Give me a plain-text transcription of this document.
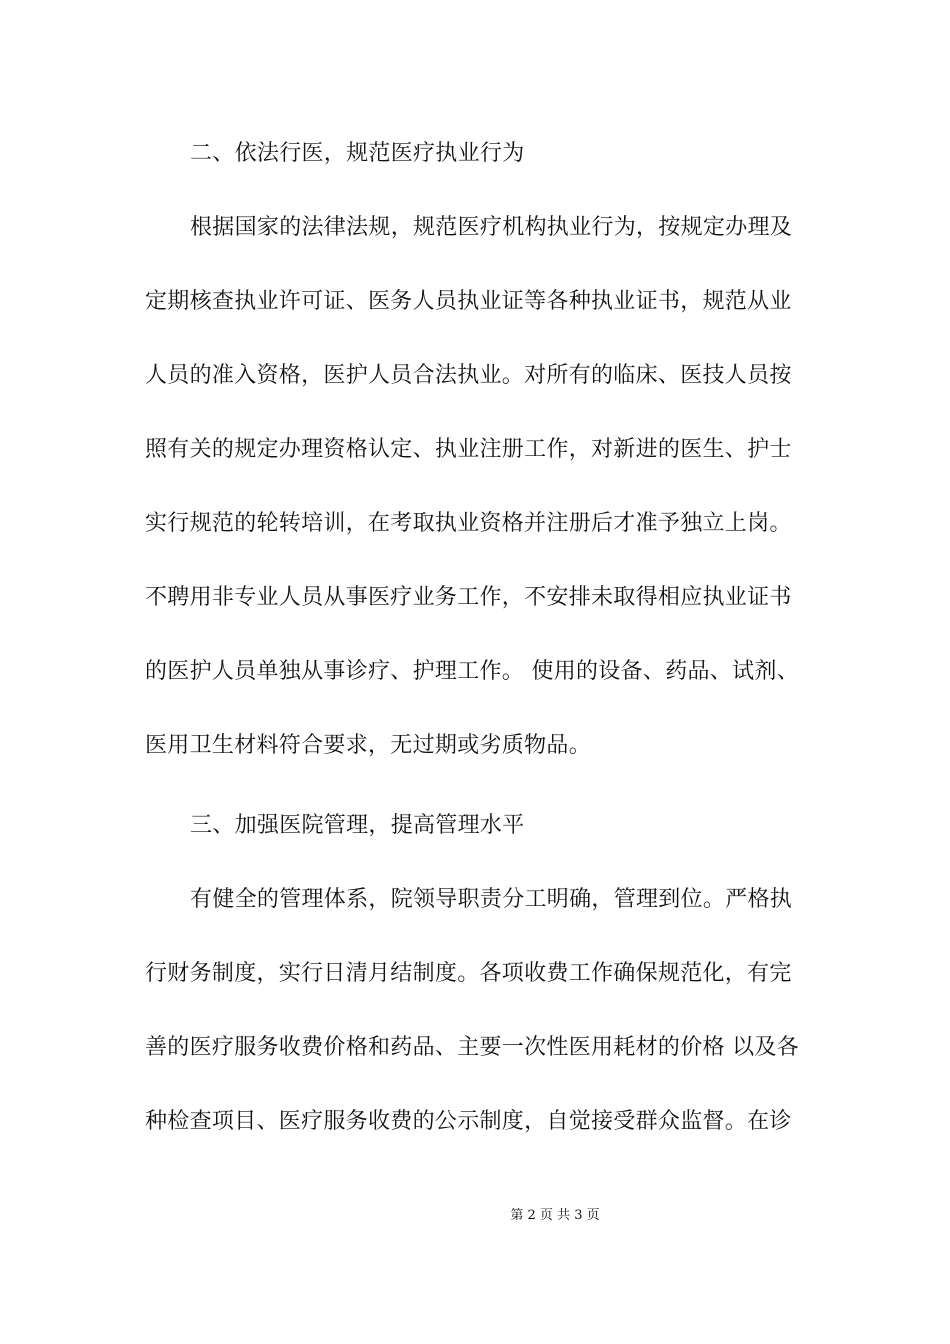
二、依法行医，规范医疗执业行为
根据国家的法律法规，规范医疗机构执业行为，按规定办理及
定期核查执业许可证、医务人员执业证等各种执业证书，规范从业
人员的准入资格，医护人员合法执业。对所有的临床、医技人员按
照有关的规定办理资格认定、执业注册工作，对新进的医生、护士
实行规范的轮转培训，在考取执业资格并注册后才准予独立上岗。
不聘用非专业人员从事医疗业务工作，不安排未取得相应执业证书
的医护人员单独从事诊疗、护理工作。 使用的设备、药品、试剂、
医用卫生材料符合要求，无过期或劣质物品。
三、加强医院管理，提高管理水平
有健全的管理体系，院领导职责分工明确，管理到位。严格执
行财务制度，实行日清月结制度。各项收费工作确保规范化，有完
善的医疗服务收费价格和药品、主要一次性医用耗材的价格 以及各
种检查项目、医疗服务收费的公示制度，自觉接受群众监督。在诊
第 2 页 共 3 页
